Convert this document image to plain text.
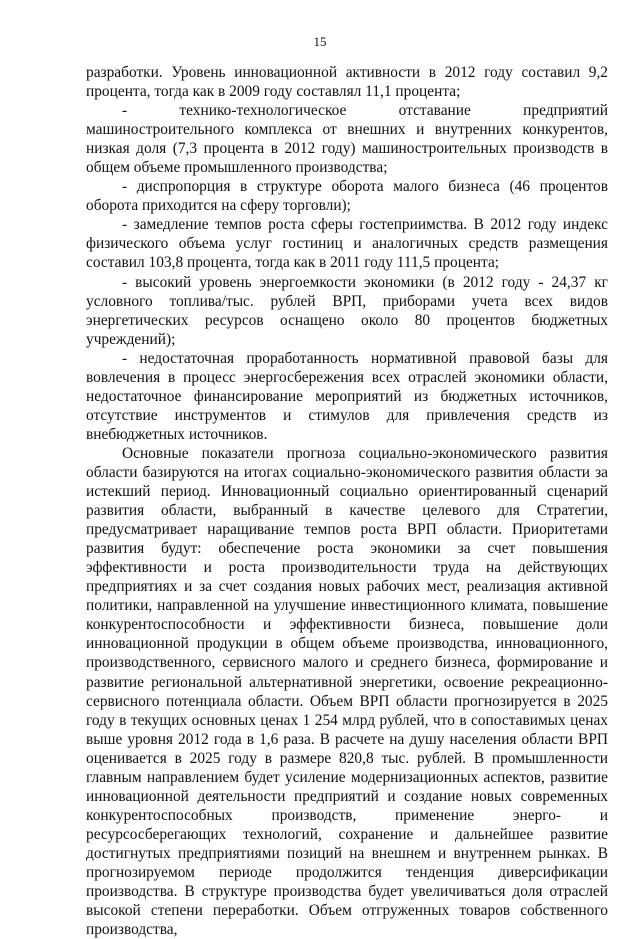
15

разработки. Уровень инновационной активности в 2012 году составил 9,2 процента, тогда как в 2009 году составлял 11,1 процента;

- технико-технологическое отставание предприятий машиностроительного комплекса от внешних и внутренних конкурентов, низкая доля (7,3 процента в 2012 году) машиностроительных производств в общем объеме промышленного производства;

- диспропорция в структуре оборота малого бизнеса (46 процентов оборота приходится на сферу торговли);

- замедление темпов роста сферы гостеприимства. В 2012 году индекс физического объема услуг гостиниц и аналогичных средств размещения составил 103,8 процента, тогда как в 2011 году 111,5 процента;

- высокий уровень энергоемкости экономики (в 2012 году - 24,37 кг условного топлива/тыс. рублей ВРП, приборами учета всех видов энергетических ресурсов оснащено около 80 процентов бюджетных учреждений);

- недостаточная проработанность нормативной правовой базы для вовлечения в процесс энергосбережения всех отраслей экономики области, недостаточное финансирование мероприятий из бюджетных источников, отсутствие инструментов и стимулов для привлечения средств из внебюджетных источников.

Основные показатели прогноза социально-экономического развития области базируются на итогах социально-экономического развития области за истекший период. Инновационный социально ориентированный сценарий развития области, выбранный в качестве целевого для Стратегии, предусматривает наращивание темпов роста ВРП области. Приоритетами развития будут: обеспечение роста экономики за счет повышения эффективности и роста производительности труда на действующих предприятиях и за счет создания новых рабочих мест, реализация активной политики, направленной на улучшение инвестиционного климата, повышение конкурентоспособности и эффективности бизнеса, повышение доли инновационной продукции в общем объеме производства, инновационного, производственного, сервисного малого и среднего бизнеса, формирование и развитие региональной альтернативной энергетики, освоение рекреационно-сервисного потенциала области. Объем ВРП области прогнозируется в 2025 году в текущих основных ценах 1 254 млрд рублей, что в сопоставимых ценах выше уровня 2012 года в 1,6 раза. В расчете на душу населения области ВРП оценивается в 2025 году в размере 820,8 тыс. рублей. В промышленности главным направлением будет усиление модернизационных аспектов, развитие инновационной деятельности предприятий и создание новых современных конкурентоспособных производств, применение энерго- и ресурсосберегающих технологий, сохранение и дальнейшее развитие достигнутых предприятиями позиций на внешнем и внутреннем рынках. В прогнозируемом периоде продолжится тенденция диверсификации производства. В структуре производства будет увеличиваться доля отраслей высокой степени переработки. Объем отгруженных товаров собственного производства,
